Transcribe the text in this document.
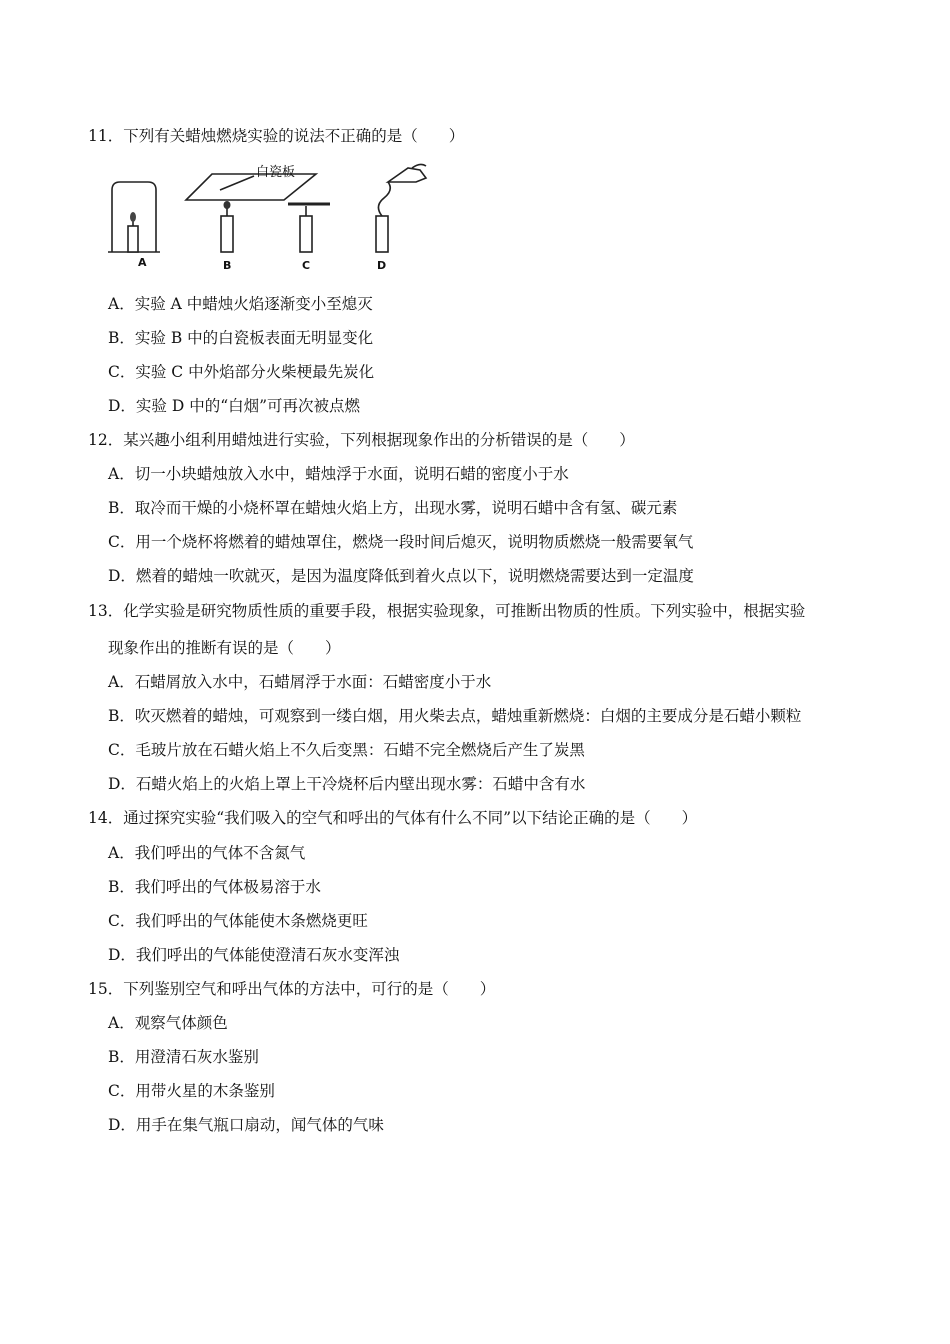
11．下列有关蜡烛燃烧实验的说法不正确的是（　　）
白瓷板
A	B	C	D
A．实验 A 中蜡烛火焰逐渐变小至熄灭
B．实验 B 中的白瓷板表面无明显变化
C．实验 C 中外焰部分火柴梗最先炭化
D．实验 D 中的“白烟”可再次被点燃
12．某兴趣小组利用蜡烛进行实验，下列根据现象作出的分析错误的是（　　）
A．切一小块蜡烛放入水中，蜡烛浮于水面，说明石蜡的密度小于水
B．取冷而干燥的小烧杯罩在蜡烛火焰上方，出现水雾，说明石蜡中含有氢、碳元素
C．用一个烧杯将燃着的蜡烛罩住，燃烧一段时间后熄灭，说明物质燃烧一般需要氧气
D．燃着的蜡烛一吹就灭，是因为温度降低到着火点以下，说明燃烧需要达到一定温度
13．化学实验是研究物质性质的重要手段，根据实验现象，可推断出物质的性质。下列实验中，根据实验
现象作出的推断有误的是（　　）
A．石蜡屑放入水中，石蜡屑浮于水面：石蜡密度小于水
B．吹灭燃着的蜡烛，可观察到一缕白烟，用火柴去点，蜡烛重新燃烧：白烟的主要成分是石蜡小颗粒
C．毛玻片放在石蜡火焰上不久后变黑：石蜡不完全燃烧后产生了炭黑
D．石蜡火焰上的火焰上罩上干冷烧杯后内壁出现水雾：石蜡中含有水
14．通过探究实验“我们吸入的空气和呼出的气体有什么不同”以下结论正确的是（　　）
A．我们呼出的气体不含氮气
B．我们呼出的气体极易溶于水
C．我们呼出的气体能使木条燃烧更旺
D．我们呼出的气体能使澄清石灰水变浑浊
15．下列鉴别空气和呼出气体的方法中，可行的是（　　）
A．观察气体颜色
B．用澄清石灰水鉴别
C．用带火星的木条鉴别
D．用手在集气瓶口扇动，闻气体的气味
